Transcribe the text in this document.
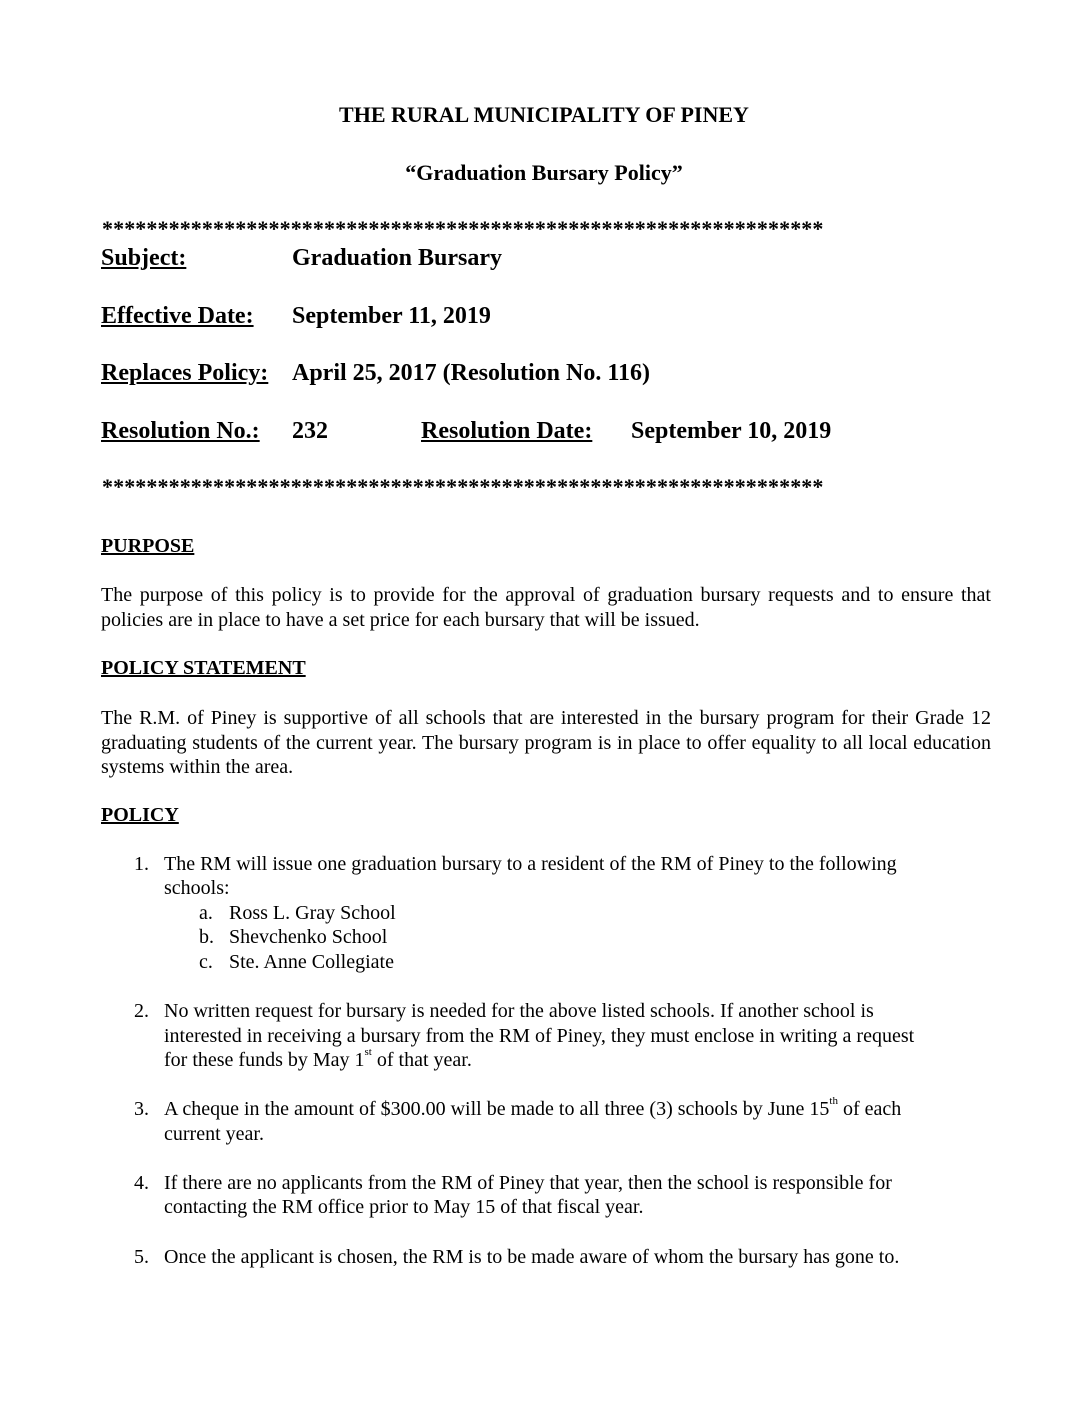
THE RURAL MUNICIPALITY OF PINEY
“Graduation Bursary Policy”
*****************************************************************
Subject:	Graduation Bursary
Effective Date: September 11, 2019
Replaces Policy: April 25, 2017 (Resolution No. 116)
Resolution No.: 232	Resolution Date: September 10, 2019
*****************************************************************
PURPOSE
The purpose of this policy is to provide for the approval of graduation bursary requests and to ensure that policies are in place to have a set price for each bursary that will be issued.
POLICY STATEMENT
The R.M. of Piney is supportive of all schools that are interested in the bursary program for their Grade 12 graduating students of the current year. The bursary program is in place to offer equality to all local education systems within the area.
POLICY
1. The RM will issue one graduation bursary to a resident of the RM of Piney to the following
schools:
a. Ross L. Gray School
b. Shevchenko School
c. Ste. Anne Collegiate
2. No written request for bursary is needed for the above listed schools. If another school is
interested in receiving a bursary from the RM of Piney, they must enclose in writing a request
for these funds by May 1st of that year.
3. A cheque in the amount of $300.00 will be made to all three (3) schools by June 15th of each
current year.
4. If there are no applicants from the RM of Piney that year, then the school is responsible for
contacting the RM office prior to May 15 of that fiscal year.
5. Once the applicant is chosen, the RM is to be made aware of whom the bursary has gone to.
